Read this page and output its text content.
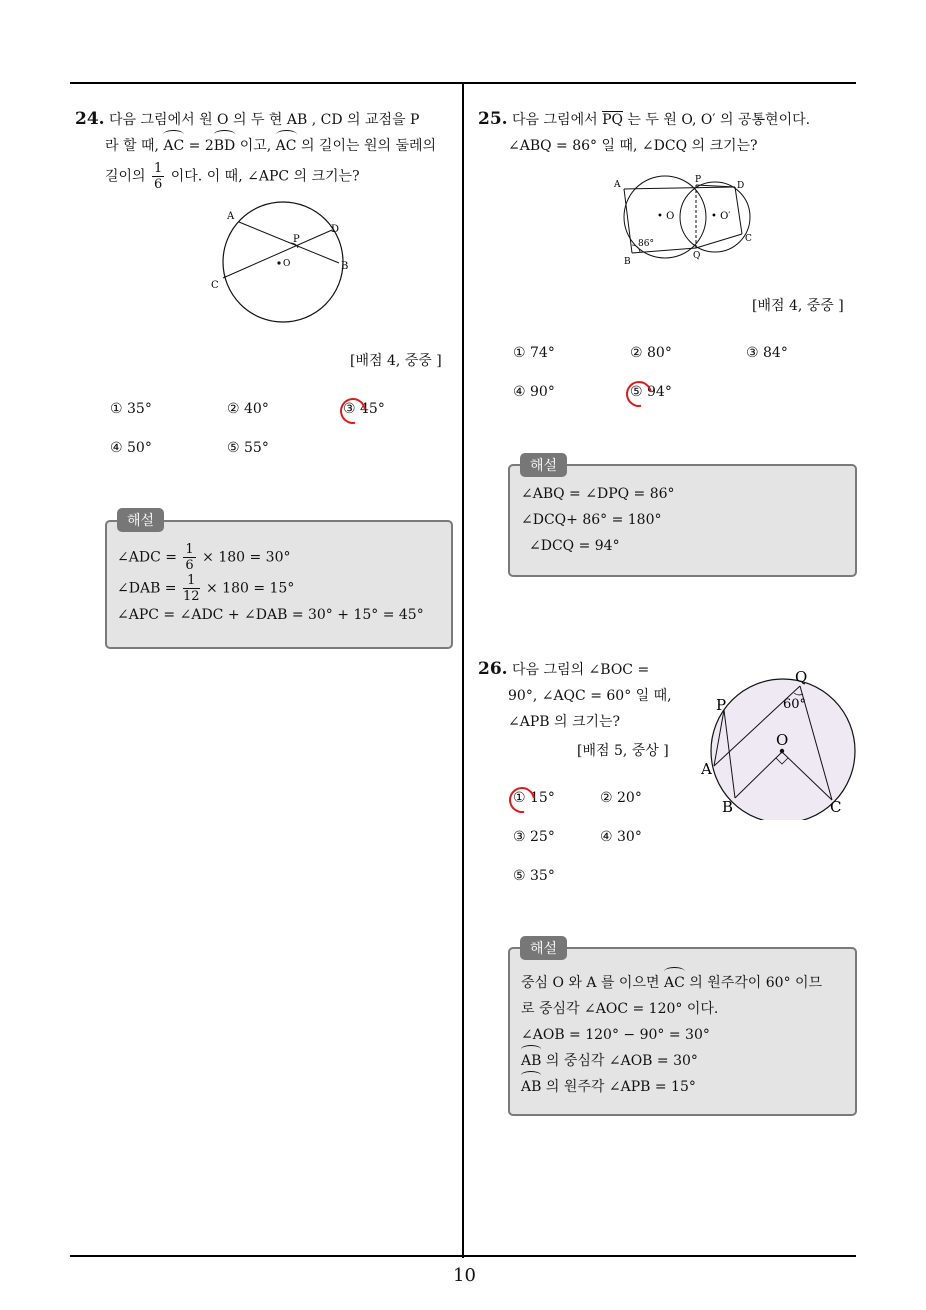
10
24. 다음 그림에서 원 O 의 두 현 AB , CD 의 교점을 P
라 할 때, AC = 2BD 이고, AC 의 길이는 원의 둘레의
길이의 $\frac{1}{6}$ 이다. 이 때, ∠APC 의 크기는?
A
B
C
D
P
O
[배점 4, 중중 ]
① 35°	② 40°	③ 45°
④ 50°	⑤ 55°
해설
∠ADC = $\frac{1}{6} \times 180 = 30^\circ$
∠DAB = $\frac{1}{12} \times 180 = 15^\circ$
∠APC = ∠ADC + ∠DAB = 30° + 15° = 45°
25. 다음 그림에서 $\overline{PQ}$ 는 두 원 O, O′ 의 공통현이다.
∠ABQ = 86° 일 때, ∠DCQ 의 크기는?
A
B
C
D
P
Q
• O	• O′
86°
[배점 4, 중중 ]
① 74°	② 80°	③ 84°
④ 90°	⑤ 94°
해설
∠ABQ = ∠DPQ = 86°
∠DCQ+ 86° = 180°
∠DCQ = 94°
26. 다음 그림의 ∠BOC =
90°, ∠AQC = 60° 일 때,
∠APB 의 크기는?
[배점 5, 중상 ]
Q
P
O
A
B	C
60°
① 15°	② 20°
③ 25°	④ 30°
⑤ 35°
해설
중심 O 와 A 를 이으면 AC 의 원주각이 60° 이므
로 중심각 ∠AOC = 120° 이다.
∠AOB = 120° − 90° = 30°
AB 의 중심각 ∠AOB = 30°
AB 의 원주각 ∠APB = 15°
